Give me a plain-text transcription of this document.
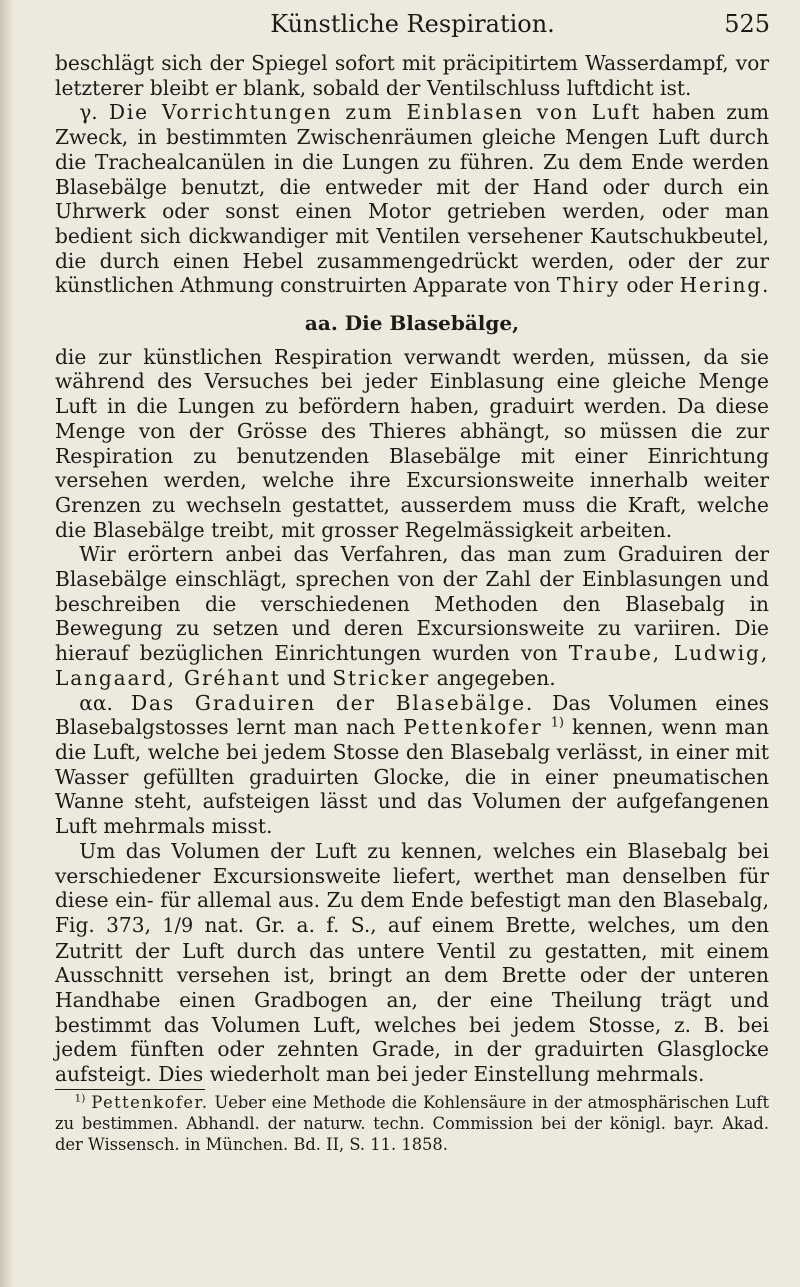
Künstliche Respiration.	525

beschlägt sich der Spiegel sofort mit präcipitirtem Wasserdampf, vor letzterer bleibt er blank, sobald der Ventilschluss luftdicht ist.

γ. Die Vorrichtungen zum Einblasen von Luft haben zum Zweck, in bestimmten Zwischenräumen gleiche Mengen Luft durch die Trachealcanülen in die Lungen zu führen. Zu dem Ende werden Blasebälge benutzt, die entweder mit der Hand oder durch ein Uhrwerk oder sonst einen Motor getrieben werden, oder man bedient sich dickwandiger mit Ventilen versehener Kautschukbeutel, die durch einen Hebel zusammengedrückt werden, oder der zur künstlichen Athmung construirten Apparate von Thiry oder Hering.

aa. Die Blasebälge,

die zur künstlichen Respiration verwandt werden, müssen, da sie während des Versuches bei jeder Einblasung eine gleiche Menge Luft in die Lungen zu befördern haben, graduirt werden. Da diese Menge von der Grösse des Thieres abhängt, so müssen die zur Respiration zu benutzenden Blasebälge mit einer Einrichtung versehen werden, welche ihre Excursionsweite innerhalb weiter Grenzen zu wechseln gestattet, ausserdem muss die Kraft, welche die Blasebälge treibt, mit grosser Regelmässigkeit arbeiten.

Wir erörtern anbei das Verfahren, das man zum Graduiren der Blasebälge einschlägt, sprechen von der Zahl der Einblasungen und beschreiben die verschiedenen Methoden den Blasebalg in Bewegung zu setzen und deren Excursionsweite zu variiren. Die hierauf bezüglichen Einrichtungen wurden von Traube, Ludwig, Langaard, Gréhant und Stricker angegeben.

αα. Das Graduiren der Blasebälge. Das Volumen eines Blasebalgstosses lernt man nach Pettenkofer $^{1)}$ kennen, wenn man die Luft, welche bei jedem Stosse den Blasebalg verlässt, in einer mit Wasser gefüllten graduirten Glocke, die in einer pneumatischen Wanne steht, aufsteigen lässt und das Volumen der aufgefangenen Luft mehrmals misst.

Um das Volumen der Luft zu kennen, welches ein Blasebalg bei verschiedener Excursionsweite liefert, werthet man denselben für diese ein- für allemal aus. Zu dem Ende befestigt man den Blasebalg, Fig. 373, 1/9 nat. Gr. a. f. S., auf einem Brette, welches, um den Zutritt der Luft durch das untere Ventil zu gestatten, mit einem Ausschnitt versehen ist, bringt an dem Brette oder der unteren Handhabe einen Gradbogen an, der eine Theilung trägt und bestimmt das Volumen Luft, welches bei jedem Stosse, z. B. bei jedem fünften oder zehnten Grade, in der graduirten Glasglocke aufsteigt. Dies wiederholt man bei jeder Einstellung mehrmals.

$^{1)}$ Pettenkofer. Ueber eine Methode die Kohlensäure in der atmosphärischen Luft zu bestimmen. Abhandl. der naturw. techn. Commission bei der königl. bayr. Akad. der Wissensch. in München. Bd. II, S. 11. 1858.
